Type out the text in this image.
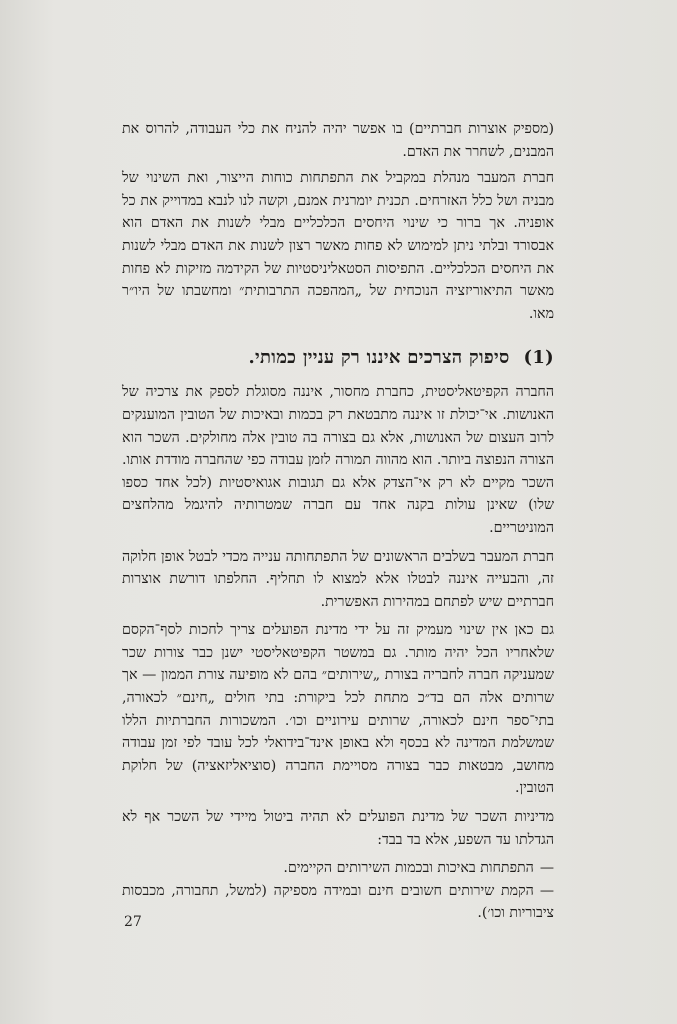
(מספיק אוצרות חברתיים) בו אפשר יהיה להניח את כלי העבודה, להרוס את המבנים, לשחרר את האדם.

חברת המעבר מנהלת במקביל את התפתחות כוחות הייצור, ואת השינוי של מבניה ושל כלל האזרחים. תכנית יומרנית אמנם, וקשה לנו לנבא במדוייק את כל אופניה. אך ברור כי שינוי היחסים הכלכליים מבלי לשנות את האדם הוא אבסורד ובלתי ניתן למימוש לא פחות מאשר רצון לשנות את האדם מבלי לשנות את היחסים הכלכליים. התפיסות הסטאליניסטיות של הקידמה מזיקות לא פחות מאשר התיאוריזציה הנוכחית של „המהפכה התרבותית״ ומחשבתו של היו״ר מאו.

(1)
סיפוק הצרכים איננו רק עניין כמותי.

החברה הקפיטאליסטית, כחברת מחסור, איננה מסוגלת לספק את צרכיה של האנושות. אי־יכולת זו איננה מתבטאת רק בכמות ובאיכות של הטובין המוענקים לרוב העצום של האנושות, אלא גם בצורה בה טובין אלה מחולקים. השכר הוא הצורה הנפוצה ביותר. הוא מהווה תמורה לזמן עבודה כפי שהחברה מודדת אותו. השכר מקיים לא רק אי־הצדק אלא גם תגובות אגואיסטיות (לכל אחד כספו שלו) שאינן עולות בקנה אחד עם חברה שמטרותיה להיגמל מהלחצים המוניטריים.

חברת המעבר בשלבים הראשונים של התפתחותה ענייה מכדי לבטל אופן חלוקה זה, והבעייה איננה לבטלו אלא למצוא לו תחליף. החלפתו דורשת אוצרות חברתיים שיש לפתחם במהירות האפשרית.

גם כאן אין שינוי מעמיק זה על ידי מדינת הפועלים צריך לחכות לסף־הקסם שלאחריו הכל יהיה מותר. גם במשטר הקפיטאליסטי ישנן כבר צורות שכר שמעניקה חברה לחבריה בצורת „שירותים״ בהם לא מופיעה צורת הממון — אך שרותים אלה הם בד״כ מתחת לכל ביקורת: בתי חולים „חינם״ לכאורה, בתי־ספר חינם לכאורה, שרותים עירוניים וכו׳. המשכורות החברתיות הללו שמשלמת המדינה לא בכסף ולא באופן אינד־בידואלי לכל עובד לפי זמן עבודה מחושב, מבטאות כבר בצורה מסויימת החברה (סוציאליזאציה) של חלוקת הטובין.

מדיניות השכר של מדינת הפועלים לא תהיה ביטול מיידי של השכר אף לא הגדלתו עד השפע, אלא בד בבד:

—התפתחות באיכות ובכמות השירותים הקיימים.
—הקמת שירותים חשובים חינם ובמידה מספיקה (למשל, תחבורה, מכבסות ציבוריות וכו׳).
27
